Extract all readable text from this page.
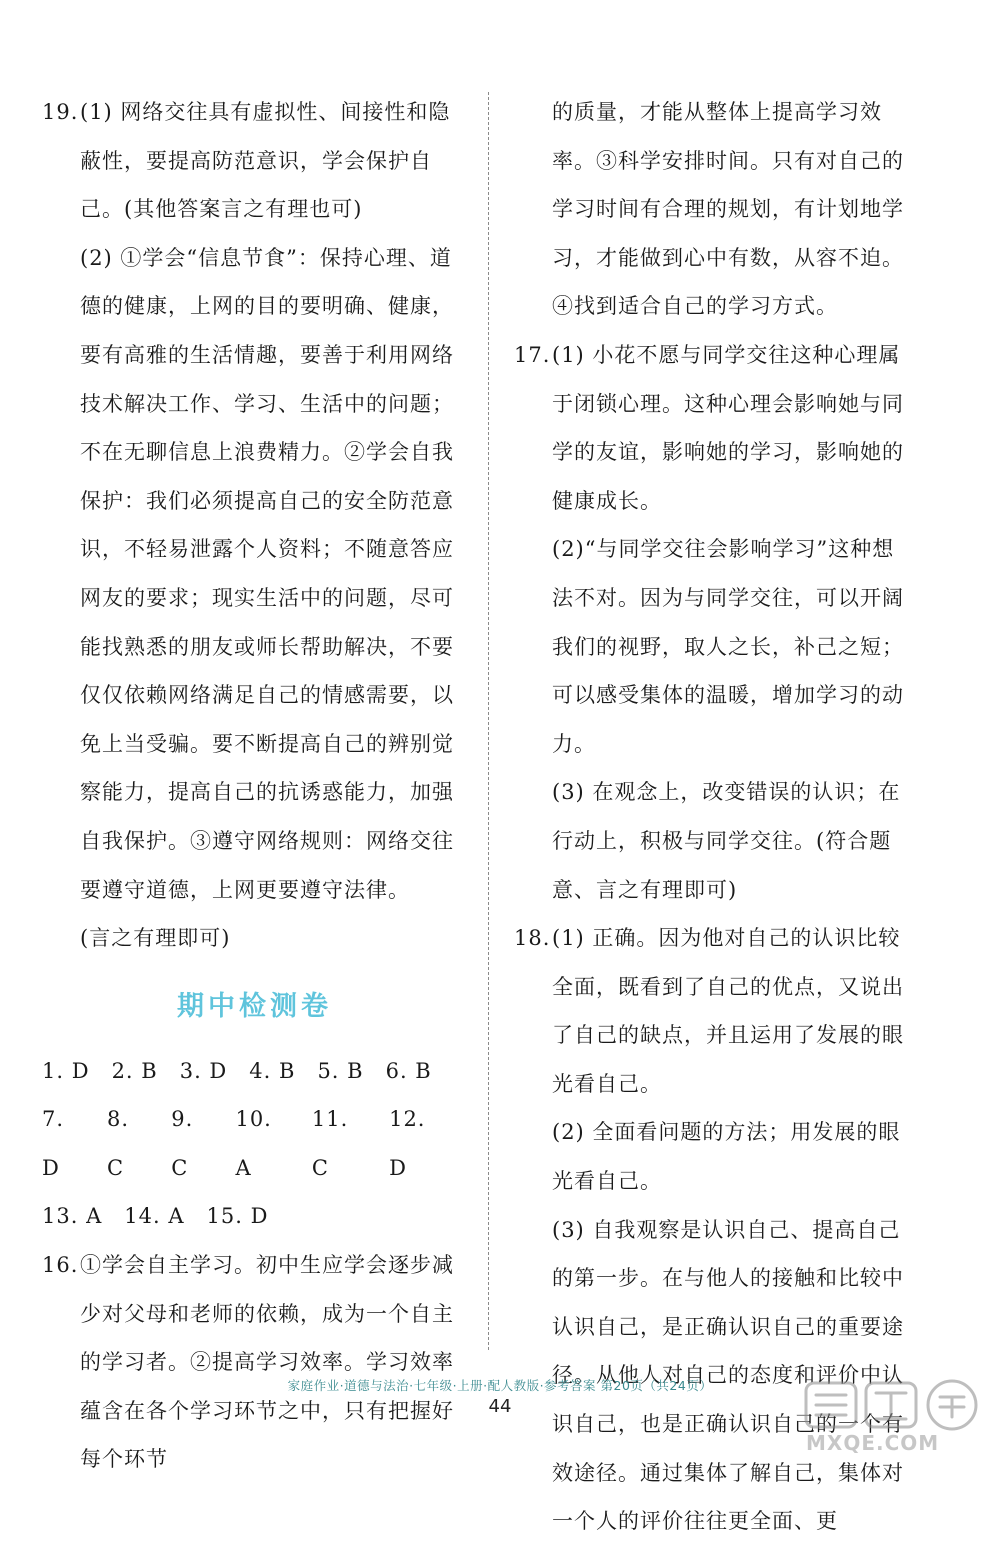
19. (1) 网络交往具有虚拟性、间接性和隐蔽性，要提高防范意识，学会保护自己。(其他答案言之有理也可)
(2) ①学会“信息节食”：保持心理、道德的健康，上网的目的要明确、健康，要有高雅的生活情趣，要善于利用网络技术解决工作、学习、生活中的问题；不在无聊信息上浪费精力。②学会自我保护：我们必须提高自己的安全防范意识，不轻易泄露个人资料；不随意答应网友的要求；现实生活中的问题，尽可能找熟悉的朋友或师长帮助解决，不要仅仅依赖网络满足自己的情感需要，以免上当受骗。要不断提高自己的辨别觉察能力，提高自己的抗诱惑能力，加强自我保护。③遵守网络规则：网络交往要遵守道德，上网更要遵守法律。
(言之有理即可)
期中检测卷
1. D 2. B 3. D 4. B 5. B 6. B
7. D
8. C
9. C
10. A
11. C
12. D
13. A 14. A 15. D
16. ①学会自主学习。初中生应学会逐步减少对父母和老师的依赖，成为一个自主的学习者。②提高学习效率。学习效率蕴含在各个学习环节之中，只有把握好每个环节
的质量，才能从整体上提高学习效率。③科学安排时间。只有对自己的学习时间有合理的规划，有计划地学习，才能做到心中有数，从容不迫。④找到适合自己的学习方式。
17. (1) 小花不愿与同学交往这种心理属于闭锁心理。这种心理会影响她与同学的友谊，影响她的学习，影响她的健康成长。
(2)“与同学交往会影响学习”这种想法不对。因为与同学交往，可以开阔我们的视野，取人之长，补己之短；可以感受集体的温暖，增加学习的动力。
(3) 在观念上，改变错误的认识；在行动上，积极与同学交往。(符合题意、言之有理即可)
18. (1) 正确。因为他对自己的认识比较全面，既看到了自己的优点，又说出了自己的缺点，并且运用了发展的眼光看自己。
(2) 全面看问题的方法；用发展的眼光看自己。
(3) 自我观察是认识自己、提高自己的第一步。在与他人的接触和比较中认识自己，是正确认识自己的重要途径。从他人对自己的态度和评价中认识自己，也是正确认识自己的一个有效途径。通过集体了解自己，集体对一个人的评价往往更全面、更
家庭作业·道德与法治·七年级·上册·配人教版·参考答案 第20页（共24页）
44
MXQE.COM
